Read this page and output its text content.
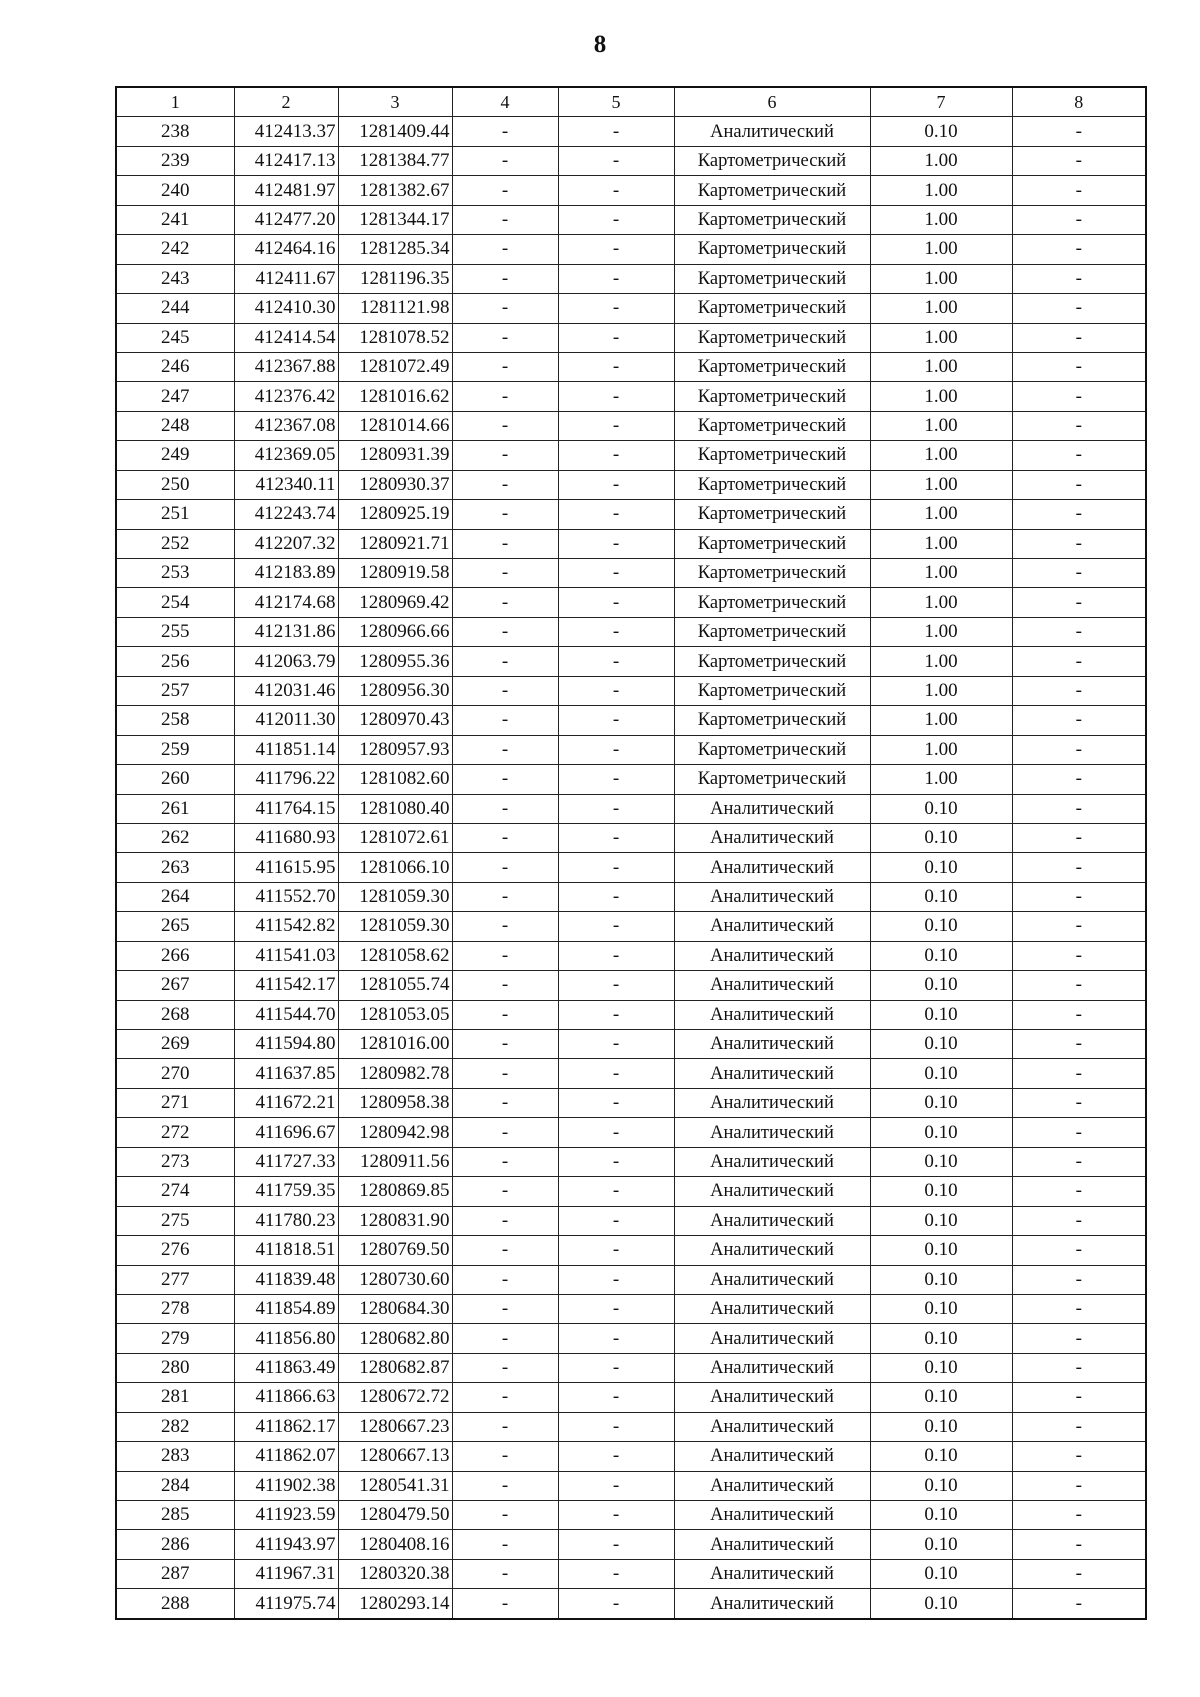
8
1	2	3	4	5	6	7	8
238	412413.37	1281409.44	-	-	Аналитический	0.10	-
239	412417.13	1281384.77	-	-	Картометрический	1.00	-
240	412481.97	1281382.67	-	-	Картометрический	1.00	-
241	412477.20	1281344.17	-	-	Картометрический	1.00	-
242	412464.16	1281285.34	-	-	Картометрический	1.00	-
243	412411.67	1281196.35	-	-	Картометрический	1.00	-
244	412410.30	1281121.98	-	-	Картометрический	1.00	-
245	412414.54	1281078.52	-	-	Картометрический	1.00	-
246	412367.88	1281072.49	-	-	Картометрический	1.00	-
247	412376.42	1281016.62	-	-	Картометрический	1.00	-
248	412367.08	1281014.66	-	-	Картометрический	1.00	-
249	412369.05	1280931.39	-	-	Картометрический	1.00	-
250	412340.11	1280930.37	-	-	Картометрический	1.00	-
251	412243.74	1280925.19	-	-	Картометрический	1.00	-
252	412207.32	1280921.71	-	-	Картометрический	1.00	-
253	412183.89	1280919.58	-	-	Картометрический	1.00	-
254	412174.68	1280969.42	-	-	Картометрический	1.00	-
255	412131.86	1280966.66	-	-	Картометрический	1.00	-
256	412063.79	1280955.36	-	-	Картометрический	1.00	-
257	412031.46	1280956.30	-	-	Картометрический	1.00	-
258	412011.30	1280970.43	-	-	Картометрический	1.00	-
259	411851.14	1280957.93	-	-	Картометрический	1.00	-
260	411796.22	1281082.60	-	-	Картометрический	1.00	-
261	411764.15	1281080.40	-	-	Аналитический	0.10	-
262	411680.93	1281072.61	-	-	Аналитический	0.10	-
263	411615.95	1281066.10	-	-	Аналитический	0.10	-
264	411552.70	1281059.30	-	-	Аналитический	0.10	-
265	411542.82	1281059.30	-	-	Аналитический	0.10	-
266	411541.03	1281058.62	-	-	Аналитический	0.10	-
267	411542.17	1281055.74	-	-	Аналитический	0.10	-
268	411544.70	1281053.05	-	-	Аналитический	0.10	-
269	411594.80	1281016.00	-	-	Аналитический	0.10	-
270	411637.85	1280982.78	-	-	Аналитический	0.10	-
271	411672.21	1280958.38	-	-	Аналитический	0.10	-
272	411696.67	1280942.98	-	-	Аналитический	0.10	-
273	411727.33	1280911.56	-	-	Аналитический	0.10	-
274	411759.35	1280869.85	-	-	Аналитический	0.10	-
275	411780.23	1280831.90	-	-	Аналитический	0.10	-
276	411818.51	1280769.50	-	-	Аналитический	0.10	-
277	411839.48	1280730.60	-	-	Аналитический	0.10	-
278	411854.89	1280684.30	-	-	Аналитический	0.10	-
279	411856.80	1280682.80	-	-	Аналитический	0.10	-
280	411863.49	1280682.87	-	-	Аналитический	0.10	-
281	411866.63	1280672.72	-	-	Аналитический	0.10	-
282	411862.17	1280667.23	-	-	Аналитический	0.10	-
283	411862.07	1280667.13	-	-	Аналитический	0.10	-
284	411902.38	1280541.31	-	-	Аналитический	0.10	-
285	411923.59	1280479.50	-	-	Аналитический	0.10	-
286	411943.97	1280408.16	-	-	Аналитический	0.10	-
287	411967.31	1280320.38	-	-	Аналитический	0.10	-
288	411975.74	1280293.14	-	-	Аналитический	0.10	-
